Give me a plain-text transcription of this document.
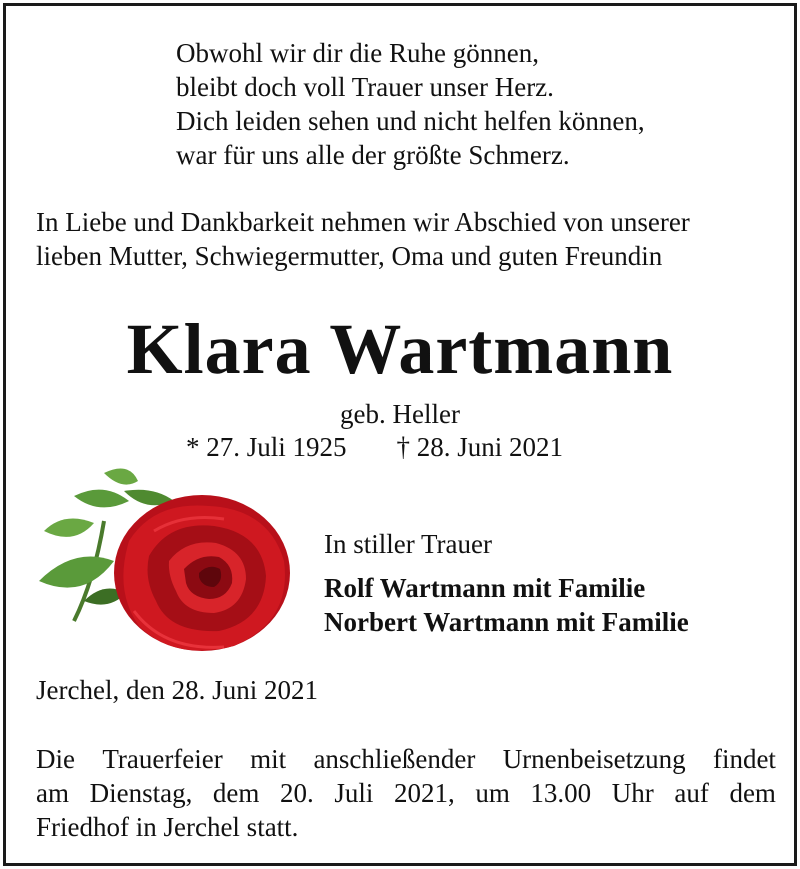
Obwohl wir dir die Ruhe gönnen,
bleibt doch voll Trauer unser Herz.
Dich leiden sehen und nicht helfen können,
war für uns alle der größte Schmerz.
In Liebe und Dankbarkeit nehmen wir Abschied von unserer
lieben Mutter, Schwiegermutter, Oma und guten Freundin
Klara Wartmann
geb. Heller
* 27. Juli 1925 † 28. Juni 2021
In stiller Trauer
Rolf Wartmann mit Familie
Norbert Wartmann mit Familie
Jerchel, den 28. Juni 2021
Die Trauerfeier mit anschließender Urnenbeisetzung findet
am Dienstag, dem 20. Juli 2021, um 13.00 Uhr auf dem
Friedhof in Jerchel statt.
